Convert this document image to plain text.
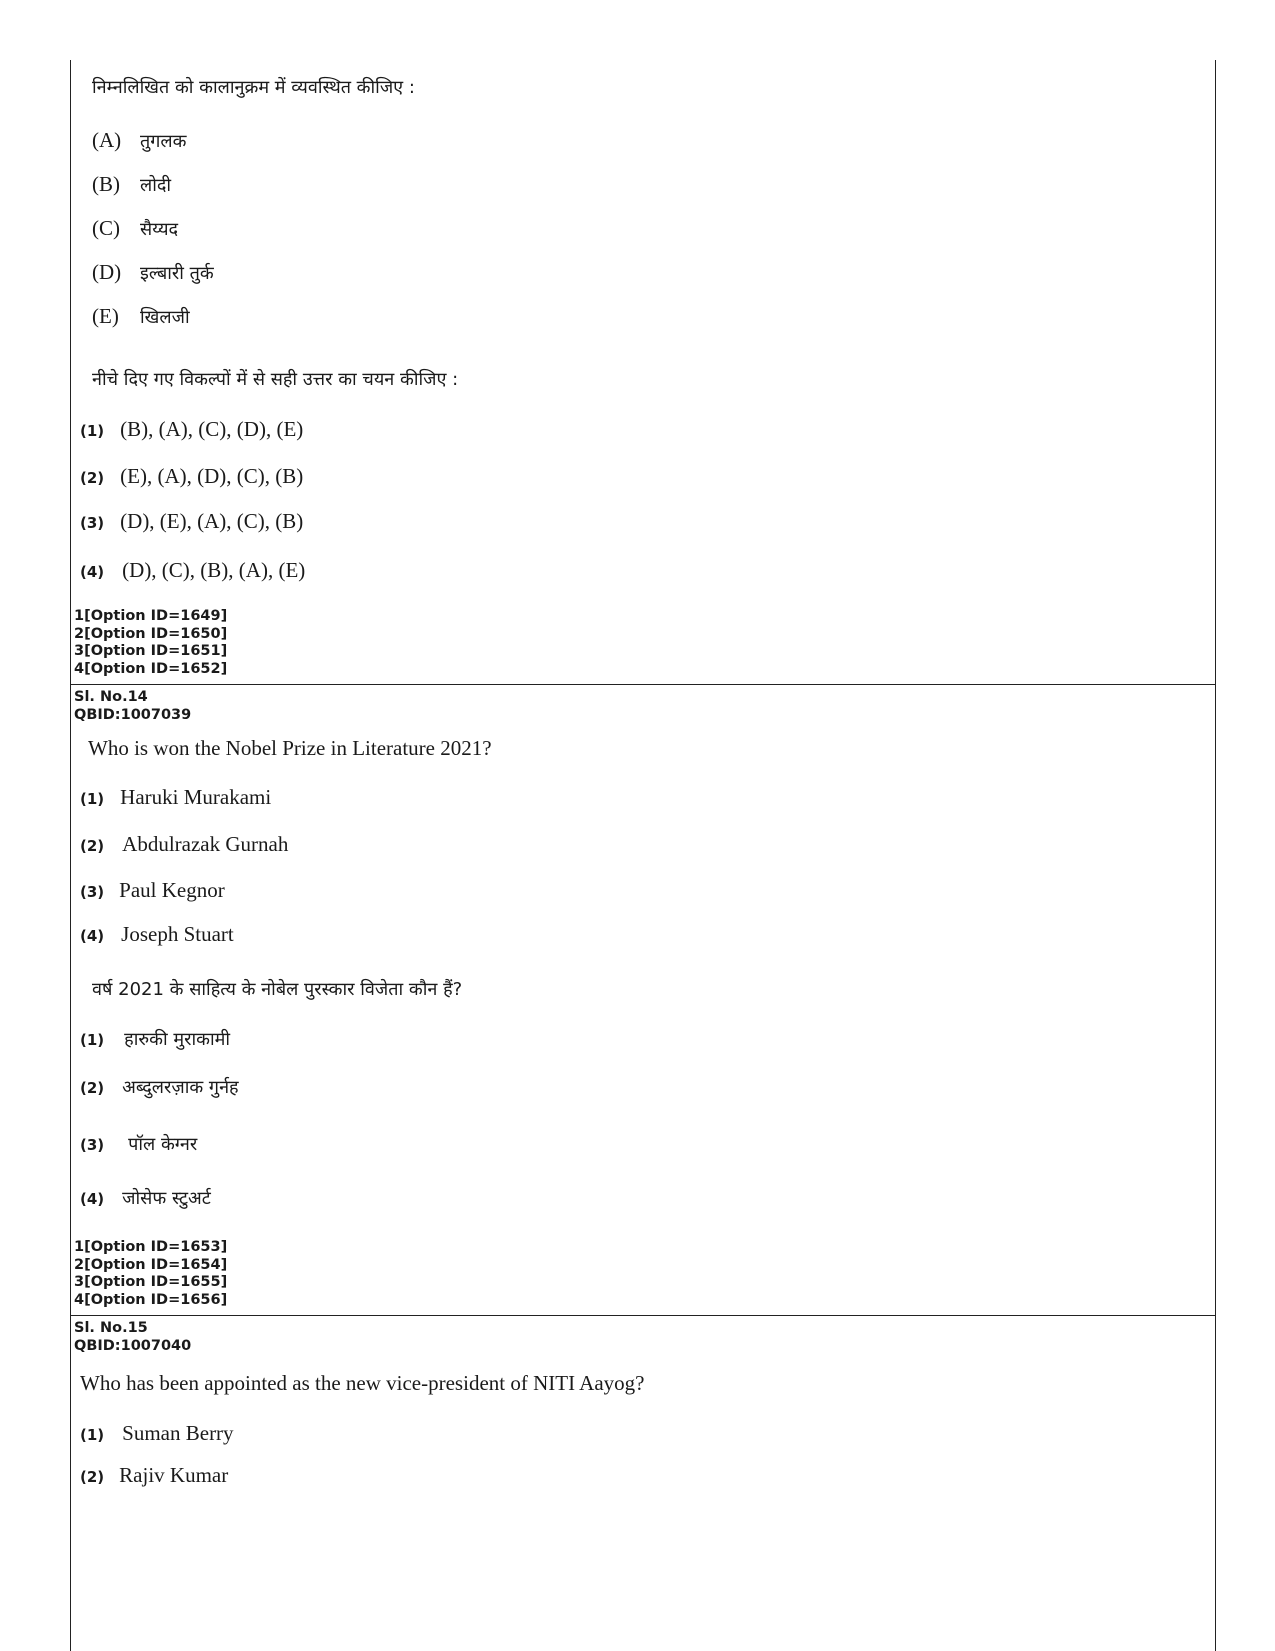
निम्नलिखित को कालानुक्रम में व्यवस्थित कीजिए :
(A) तुगलक
(B) लोदी
(C) सैय्यद
(D) इल्बारी तुर्क
(E) खिलजी
नीचे दिए गए विकल्पों में से सही उत्तर का चयन कीजिए :
(1) (B), (A), (C), (D), (E)
(2) (E), (A), (D), (C), (B)
(3) (D), (E), (A), (C), (B)
(4) (D), (C), (B), (A), (E)
1[Option ID=1649]
2[Option ID=1650]
3[Option ID=1651]
4[Option ID=1652]
Sl. No.14
QBID:1007039
Who is won the Nobel Prize in Literature 2021?
(1) Haruki Murakami
(2) Abdulrazak Gurnah
(3) Paul Kegnor
(4) Joseph Stuart
वर्ष 2021 के साहित्य के नोबेल पुरस्कार विजेता कौन हैं?
(1) हारुकी मुराकामी
(2) अब्दुलरज़ाक गुर्नह
(3) पॉल केग्नर
(4) जोसेफ स्टुअर्ट
1[Option ID=1653]
2[Option ID=1654]
3[Option ID=1655]
4[Option ID=1656]
Sl. No.15
QBID:1007040
Who has been appointed as the new vice-president of NITI Aayog?
(1) Suman Berry
(2) Rajiv Kumar
